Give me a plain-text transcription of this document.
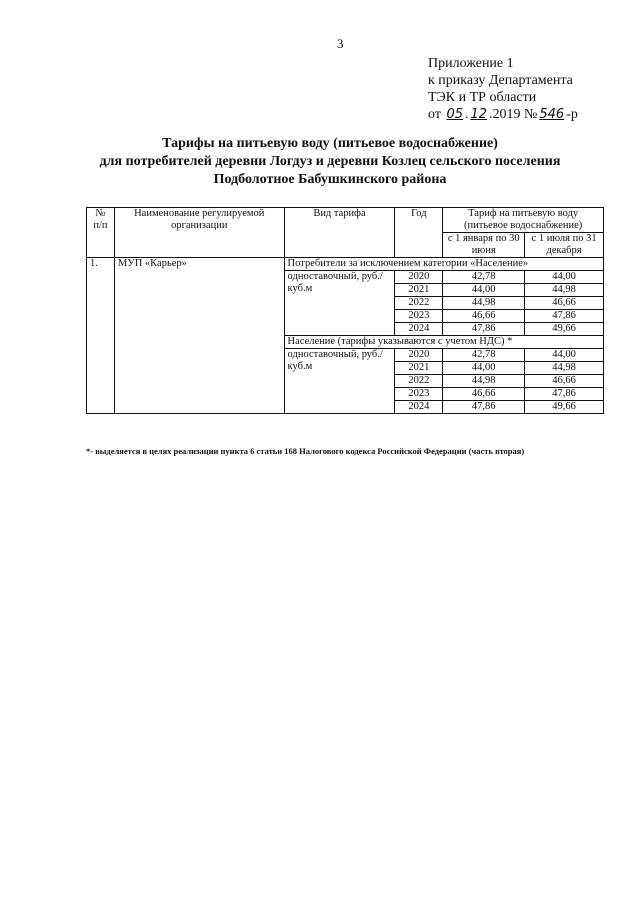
3
Приложение 1
к приказу Департамента
ТЭК и ТР области
от 05 . 12 .2019 № 546 -р
Тарифы на питьевую воду (питьевое водоснабжение)
для потребителей деревни Логдуз и деревни Козлец сельского поселения
Подболотное Бабушкинского района
№ п/п	Наименование регулируемой организации	Вид тарифа	Год	Тариф на питьевую воду (питьевое водоснабжение)	
				с 1 января по 30 июня	с 1 июля по 31 декабря
1.	МУП «Карьер»	Потребители за исключением категории «Население»			
		одноставочный, руб./куб.м	2020	42,78	44,00
			2021	44,00	44,98
			2022	44,98	46,66
			2023	46,66	47,86
			2024	47,86	49,66
		Население (тарифы указываются с учетом НДС) *			
		одноставочный, руб./куб.м	2020	42,78	44,00
			2021	44,00	44,98
			2022	44,98	46,66
			2023	46,66	47,86
			2024	47,86	49,66
*- выделяется в целях реализации пункта 6 статьи 168 Налогового кодекса Российской Федерации (часть вторая)
